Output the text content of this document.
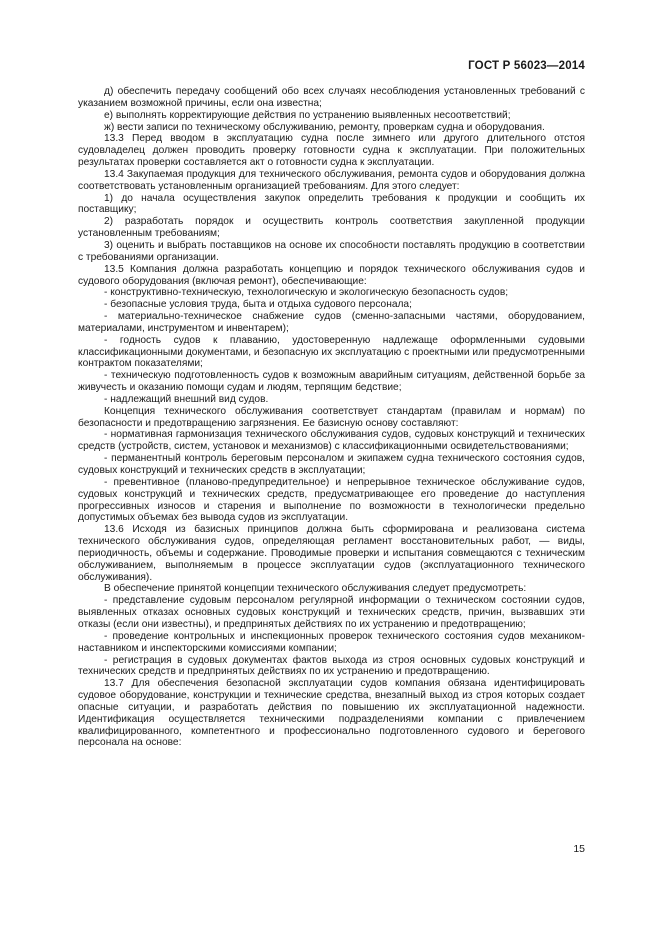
ГОСТ Р 56023—2014

д) обеспечить передачу сообщений обо всех случаях несоблюдения установленных требований с указанием возможной причины, если она известна;

е) выполнять корректирующие действия по устранению выявленных несоответствий;

ж) вести записи по техническому обслуживанию, ремонту, проверкам судна и оборудования.

13.3 Перед вводом в эксплуатацию судна после зимнего или другого длительного отстоя судовладелец должен проводить проверку готовности судна к эксплуатации. При положительных результатах проверки составляется акт о готовности судна к эксплуатации.

13.4 Закупаемая продукция для технического обслуживания, ремонта судов и оборудования должна соответствовать установленным организацией требованиям. Для этого следует:

1) до начала осуществления закупок определить требования к продукции и сообщить их поставщику;

2) разработать порядок и осуществить контроль соответствия закупленной продукции установленным требованиям;

3) оценить и выбрать поставщиков на основе их способности поставлять продукцию в соответствии с требованиями организации.

13.5 Компания должна разработать концепцию и порядок технического обслуживания судов и судового оборудования (включая ремонт), обеспечивающие:

- конструктивно-техническую, технологическую и экологическую безопасность судов;

- безопасные условия труда, быта и отдыха судового персонала;

- материально-техническое снабжение судов (сменно-запасными частями, оборудованием, материалами, инструментом и инвентарем);

- годность судов к плаванию, удостоверенную надлежаще оформленными судовыми классификационными документами, и безопасную их эксплуатацию с проектными или предусмотренными контрактом показателями;

- техническую подготовленность судов к возможным аварийным ситуациям, действенной борьбе за живучесть и оказанию помощи судам и людям, терпящим бедствие;

- надлежащий внешний вид судов.

Концепция технического обслуживания соответствует стандартам (правилам и нормам) по безопасности и предотвращению загрязнения. Ее базисную основу составляют:

- нормативная гармонизация технического обслуживания судов, судовых конструкций и технических средств (устройств, систем, установок и механизмов) с классификационными освидетельствованиями;

- перманентный контроль береговым персоналом и экипажем судна технического состояния судов, судовых конструкций и технических средств в эксплуатации;

- превентивное (планово-предупредительное) и непрерывное техническое обслуживание судов, судовых конструкций и технических средств, предусматривающее его проведение до наступления прогрессивных износов и старения и выполнение по возможности в технологически предельно допустимых объемах без вывода судов из эксплуатации.

13.6 Исходя из базисных принципов должна быть сформирована и реализована система технического обслуживания судов, определяющая регламент восстановительных работ, — виды, периодичность, объемы и содержание. Проводимые проверки и испытания совмещаются с техническим обслуживанием, выполняемым в процессе эксплуатации судов (эксплуатационного технического обслуживания).

В обеспечение принятой концепции технического обслуживания следует предусмотреть:

- представление судовым персоналом регулярной информации о техническом состоянии судов, выявленных отказах основных судовых конструкций и технических средств, причин, вызвавших эти отказы (если они известны), и предпринятых действиях по их устранению и предотвращению;

- проведение контрольных и инспекционных проверок технического состояния судов механиком-наставником и инспекторскими комиссиями компании;

- регистрация в судовых документах фактов выхода из строя основных судовых конструкций и технических средств и предпринятых действиях по их устранению и предотвращению.

13.7 Для обеспечения безопасной эксплуатации судов компания обязана идентифицировать судовое оборудование, конструкции и технические средства, внезапный выход из строя которых создает опасные ситуации, и разработать действия по повышению их эксплуатационной надежности. Идентификация осуществляется техническими подразделениями компании с привлечением квалифицированного, компетентного и профессионально подготовленного судового и берегового персонала на основе:

15
